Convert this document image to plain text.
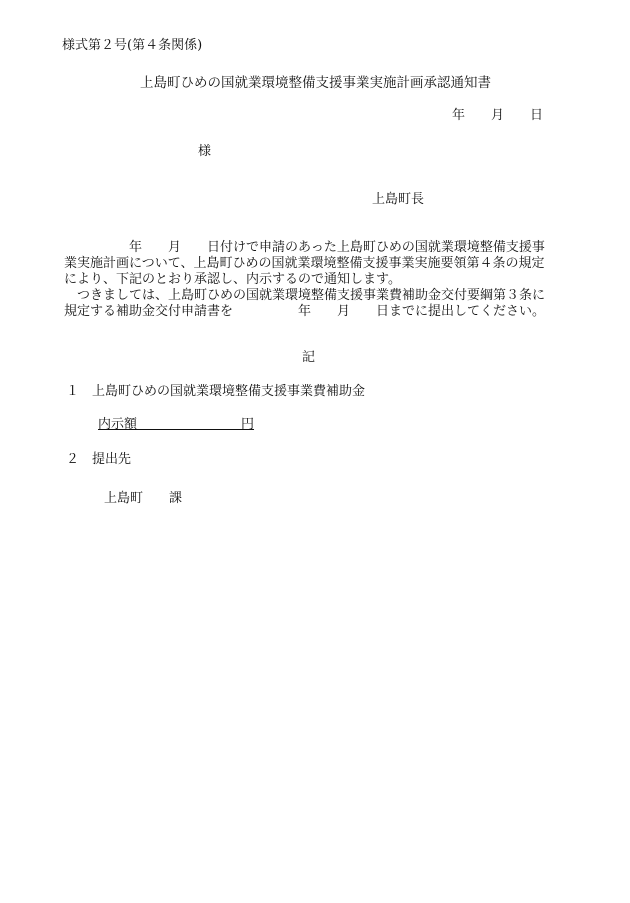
様式第２号(第４条関係)
上島町ひめの国就業環境整備支援事業実施計画承認通知書
年　　月　　日
様
上島町長
　　　　　年　　月　　日付けで申請のあった上島町ひめの国就業環境整備支援事
業実施計画について、上島町ひめの国就業環境整備支援事業実施要領第４条の規定
により、下記のとおり承認し、内示するので通知します。
　つきましては、上島町ひめの国就業環境整備支援事業費補助金交付要綱第３条に
規定する補助金交付申請書を　　　　　年　　月　　日までに提出してください。
記
１ 上島町ひめの国就業環境整備支援事業費補助金
内示額　　　　　　　　円
２ 提出先
上島町　　課
